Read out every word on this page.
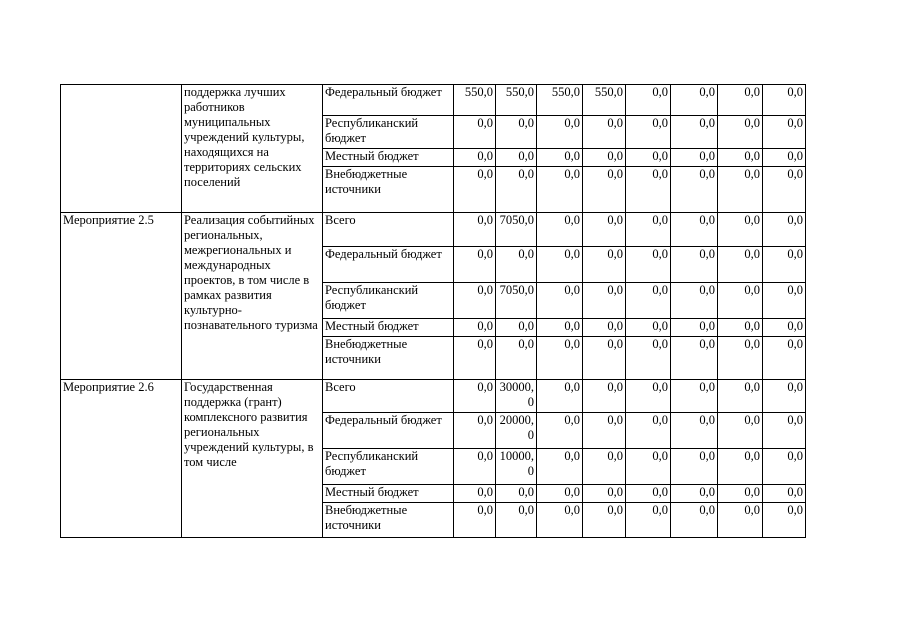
	поддержка лучших работников муниципальных учреждений культуры, находящихся на территориях сельских поселений	Федеральный бюджет	550,0	550,0	550,0	550,0	0,0	0,0	0,0	0,0
		Республиканский бюджет	0,0	0,0	0,0	0,0	0,0	0,0	0,0	0,0
		Местный бюджет	0,0	0,0	0,0	0,0	0,0	0,0	0,0	0,0
		Внебюджетные источники	0,0	0,0	0,0	0,0	0,0	0,0	0,0	0,0
Мероприятие 2.5	Реализация событийных региональных, межрегиональных и международных проектов, в том числе в рамках развития культурно-познавательного туризма	Всего	0,0	7050,0	0,0	0,0	0,0	0,0	0,0	0,0
		Федеральный бюджет	0,0	0,0	0,0	0,0	0,0	0,0	0,0	0,0
		Республиканский бюджет	0,0	7050,0	0,0	0,0	0,0	0,0	0,0	0,0
		Местный бюджет	0,0	0,0	0,0	0,0	0,0	0,0	0,0	0,0
		Внебюджетные источники	0,0	0,0	0,0	0,0	0,0	0,0	0,0	0,0
Мероприятие 2.6	Государственная поддержка (грант) комплексного развития региональных учреждений культуры, в том числе	Всего	0,0	30000,0	0,0	0,0	0,0	0,0	0,0	0,0
		Федеральный бюджет	0,0	20000,0	0,0	0,0	0,0	0,0	0,0	0,0
		Республиканский бюджет	0,0	10000,0	0,0	0,0	0,0	0,0	0,0	0,0
		Местный бюджет	0,0	0,0	0,0	0,0	0,0	0,0	0,0	0,0
		Внебюджетные источники	0,0	0,0	0,0	0,0	0,0	0,0	0,0	0,0
